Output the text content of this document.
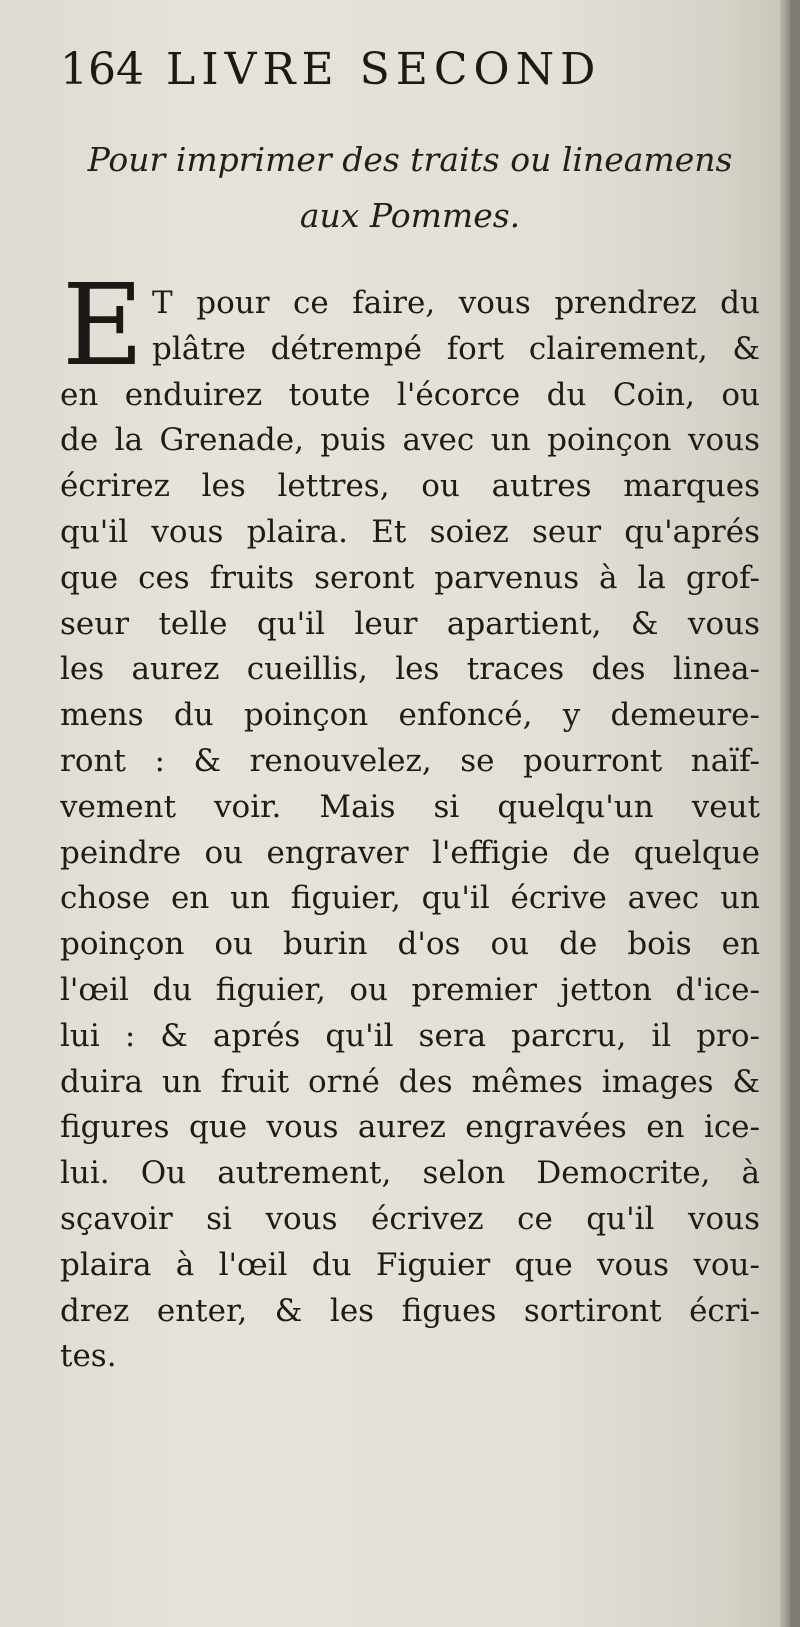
164 LIVRE SECOND
Pour imprimer des traits ou lineamens
aux Pommes.
E T pour ce faire, vous prendrez du
plâtre détrempé fort clairement, &
en enduirez toute l'écorce du Coin, ou
de la Grenade, puis avec un poinçon vous
écrirez les lettres, ou autres marques
qu'il vous plaira. Et soiez seur qu'aprés
que ces fruits seront parvenus à la grof-
seur telle qu'il leur apartient, & vous
les aurez cueillis, les traces des linea-
mens du poinçon enfoncé, y demeure-
ront : & renouvelez, se pourront naïf-
vement voir. Mais si quelqu'un veut
peindre ou engraver l'effigie de quelque
chose en un figuier, qu'il écrive avec un
poinçon ou burin d'os ou de bois en
l'œil du figuier, ou premier jetton d'ice-
lui : & aprés qu'il sera parcru, il pro-
duira un fruit orné des mêmes images &
figures que vous aurez engravées en ice-
lui. Ou autrement, selon Democrite, à
sçavoir si vous écrivez ce qu'il vous
plaira à l'œil du Figuier que vous vou-
drez enter, & les figues sortiront écri-
tes.
